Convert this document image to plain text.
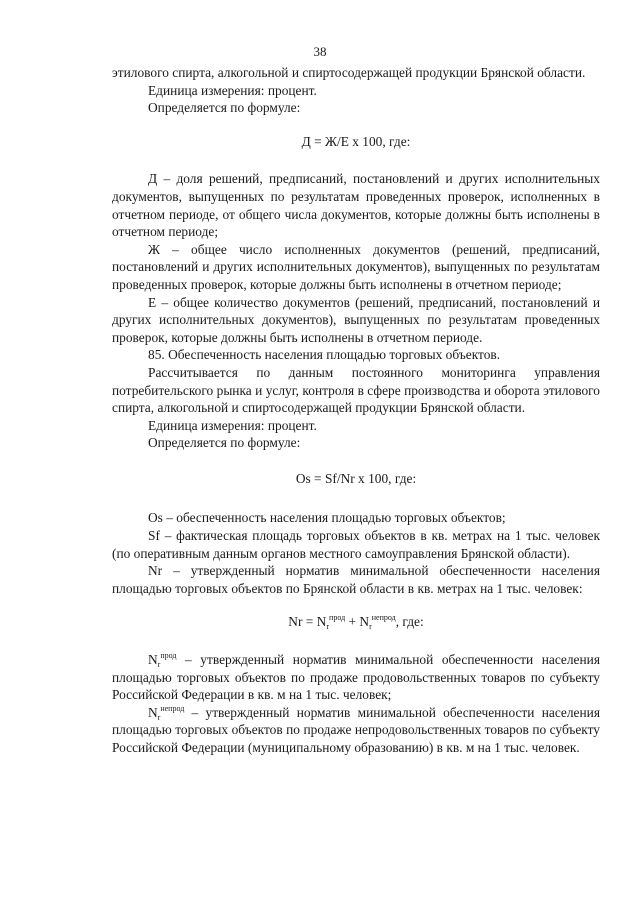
38

этилового спирта, алкогольной и спиртосодержащей продукции Брянской области.

Единица измерения: процент.

Определяется по формуле:

Д = Ж/Е х 100, где:

Д – доля решений, предписаний, постановлений и других исполнительных документов, выпущенных по результатам проведенных проверок, исполненных в отчетном периоде, от общего числа документов, которые должны быть исполнены в отчетном периоде;

Ж – общее число исполненных документов (решений, предписаний, постановлений и других исполнительных документов), выпущенных по результатам проведенных проверок, которые должны быть исполнены в отчетном периоде;

Е – общее количество документов (решений, предписаний, постановлений и других исполнительных документов), выпущенных по результатам проведенных проверок, которые должны быть исполнены в отчетном периоде.

85. Обеспеченность населения площадью торговых объектов.

Рассчитывается по данным постоянного мониторинга управления потребительского рынка и услуг, контроля в сфере производства и оборота этилового спирта, алкогольной и спиртосодержащей продукции Брянской области.

Единица измерения: процент.

Определяется по формуле:

Os = Sf/Nr х 100, где:

Os – обеспеченность населения площадью торговых объектов;

Sf – фактическая площадь торговых объектов в кв. метрах на 1 тыс. человек (по оперативным данным органов местного самоуправления Брянской области).

Nr – утвержденный норматив минимальной обеспеченности населения площадью торговых объектов по Брянской области в кв. метрах на 1 тыс. человек:

$Nr = N_r^{прод} + N_r^{непрод}$, где:

$N_r^{прод}$ – утвержденный норматив минимальной обеспеченности населения площадью торговых объектов по продаже продовольственных товаров по субъекту Российской Федерации в кв. м на 1 тыс. человек;

$N_r^{непрод}$ – утвержденный норматив минимальной обеспеченности населения площадью торговых объектов по продаже непродовольственных товаров по субъекту Российской Федерации (муниципальному образованию) в кв. м на 1 тыс. человек.
